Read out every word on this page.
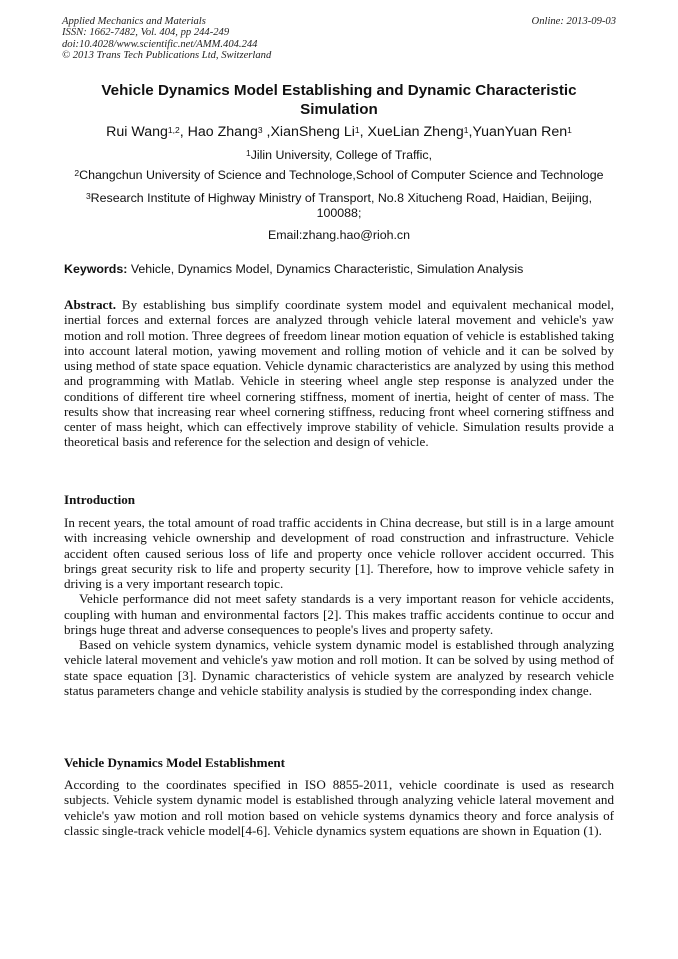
Applied Mechanics and Materials
ISSN: 1662-7482, Vol. 404, pp 244-249
doi:10.4028/www.scientific.net/AMM.404.244
© 2013 Trans Tech Publications Ltd, Switzerland
Online: 2013-09-03
Vehicle Dynamics Model Establishing and Dynamic Characteristic
Simulation
Rui Wang$^{1,2}$, Hao Zhang$^3$ ,XianSheng Li$^1$, XueLian Zheng$^1$,YuanYuan Ren$^1$
$^1$Jilin University, College of Traffic,
$^2$Changchun University of Science and Technologe,School of Computer Science and Technologe
$^3$Research Institute of Highway Ministry of Transport, No.8 Xitucheng Road, Haidian, Beijing, 100088;
Email:zhang.hao@rioh.cn
Keywords: Vehicle, Dynamics Model, Dynamics Characteristic, Simulation Analysis

Abstract. By establishing bus simplify coordinate system model and equivalent mechanical model, inertial forces and external forces are analyzed through vehicle lateral movement and vehicle's yaw motion and roll motion. Three degrees of freedom linear motion equation of vehicle is established taking into account lateral motion, yawing movement and rolling motion of vehicle and it can be solved by using method of state space equation. Vehicle dynamic characteristics are analyzed by using this method and programming with Matlab. Vehicle in steering wheel angle step response is analyzed under the conditions of different tire wheel cornering stiffness, moment of inertia, height of center of mass. The results show that increasing rear wheel cornering stiffness, reducing front wheel cornering stiffness and center of mass height, which can effectively improve stability of vehicle. Simulation results provide a theoretical basis and reference for the selection and design of vehicle.

Introduction

In recent years, the total amount of road traffic accidents in China decrease, but still is in a large amount with increasing vehicle ownership and development of road construction and infrastructure. Vehicle accident often caused serious loss of life and property once vehicle rollover accident occurred. This brings great security risk to life and property security [1]. Therefore, how to improve vehicle safety in driving is a very important research topic.

Vehicle performance did not meet safety standards is a very important reason for vehicle accidents, coupling with human and environmental factors [2]. This makes traffic accidents continue to occur and brings huge threat and adverse consequences to people's lives and property safety.

Based on vehicle system dynamics, vehicle system dynamic model is established through analyzing vehicle lateral movement and vehicle's yaw motion and roll motion. It can be solved by using method of state space equation [3]. Dynamic characteristics of vehicle system are analyzed by research vehicle status parameters change and vehicle stability analysis is studied by the corresponding index change.

Vehicle Dynamics Model Establishment

According to the coordinates specified in ISO 8855-2011, vehicle coordinate is used as research subjects. Vehicle system dynamic model is established through analyzing vehicle lateral movement and vehicle's yaw motion and roll motion based on vehicle systems dynamics theory and force analysis of classic single-track vehicle model[4-6]. Vehicle dynamics system equations are shown in Equation (1).
